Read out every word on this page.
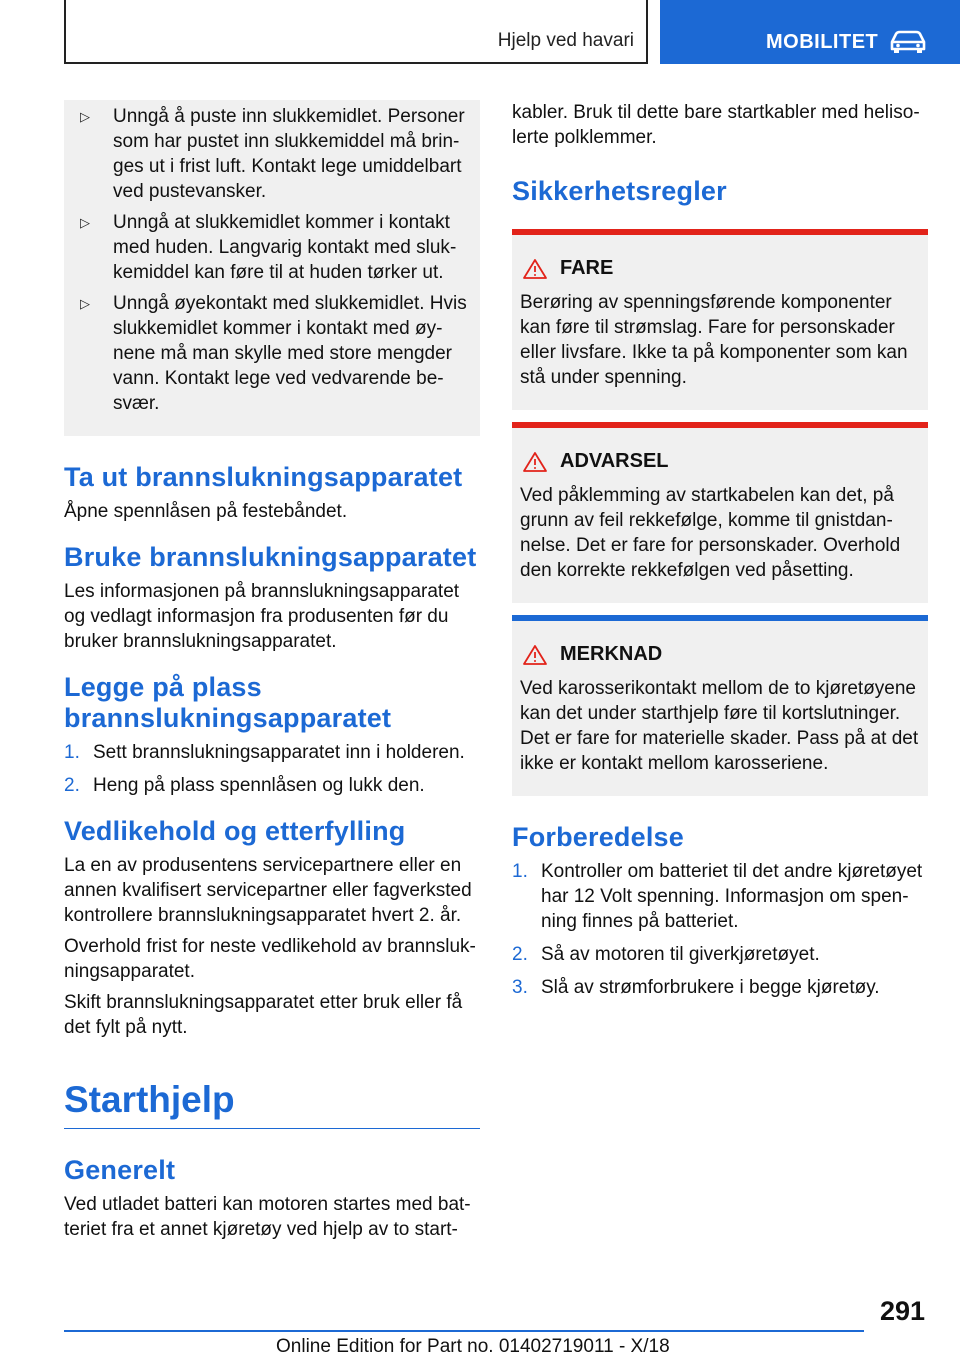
Hjelp ved havari	MOBILITET
▷	Unngå å puste inn slukkemidlet. Personer som har pustet inn slukkemiddel må bringes ut i frist luft. Kontakt lege umiddelbart ved pustevansker.
▷	Unngå at slukkemidlet kommer i kontakt med huden. Langvarig kontakt med slukkemiddel kan føre til at huden tørker ut.
▷	Unngå øyekontakt med slukkemidlet. Hvis slukkemidlet kommer i kontakt med øynene må man skylle med store mengder vann. Kontakt lege ved vedvarende besvær.
Ta ut brannslukningsapparatet

Åpne spennlåsen på festebåndet.

Bruke brannslukningsapparatet

Les informasjonen på brannslukningsapparatet og vedlagt informasjon fra produsenten før du bruker brannslukningsapparatet.

Legge på plass brannslukningsapparatet
1. Sett brannslukningsapparatet inn i holderen.
2. Heng på plass spennlåsen og lukk den.
Vedlikehold og etterfylling

La en av produsentens servicepartnere eller en annen kvalifisert servicepartner eller fagverksted kontrollere brannslukningsapparatet hvert 2. år.

Overhold frist for neste vedlikehold av brannslukningsapparatet.

Skift brannslukningsapparatet etter bruk eller få det fylt på nytt.

Starthjelp
Generelt

Ved utladet batteri kan motoren startes med batteriet fra et annet kjøretøy ved hjelp av to start-

kabler. Bruk til dette bare startkabler med helisolerte polklemmer.

Sikkerhetsregler
FARE

Berøring av spenningsførende komponenter kan føre til strømslag. Fare for personskader eller livsfare. Ikke ta på komponenter som kan stå under spenning.

ADVARSEL

Ved påklemming av startkabelen kan det, på grunn av feil rekkefølge, komme til gnistdannelse. Det er fare for personskader. Overhold den korrekte rekkefølgen ved påsetting.

MERKNAD

Ved karosserikontakt mellom de to kjøretøyene kan det under starthjelp føre til kortslutninger. Det er fare for materielle skader. Pass på at det ikke er kontakt mellom karosseriene.

Forberedelse
1. Kontroller om batteriet til det andre kjøretøyet har 12 Volt spenning. Informasjon om spenning finnes på batteriet.
2. Så av motoren til giverkjøretøyet.
3. Slå av strømforbrukere i begge kjøretøy.
291
Online Edition for Part no. 01402719011 - X/18
